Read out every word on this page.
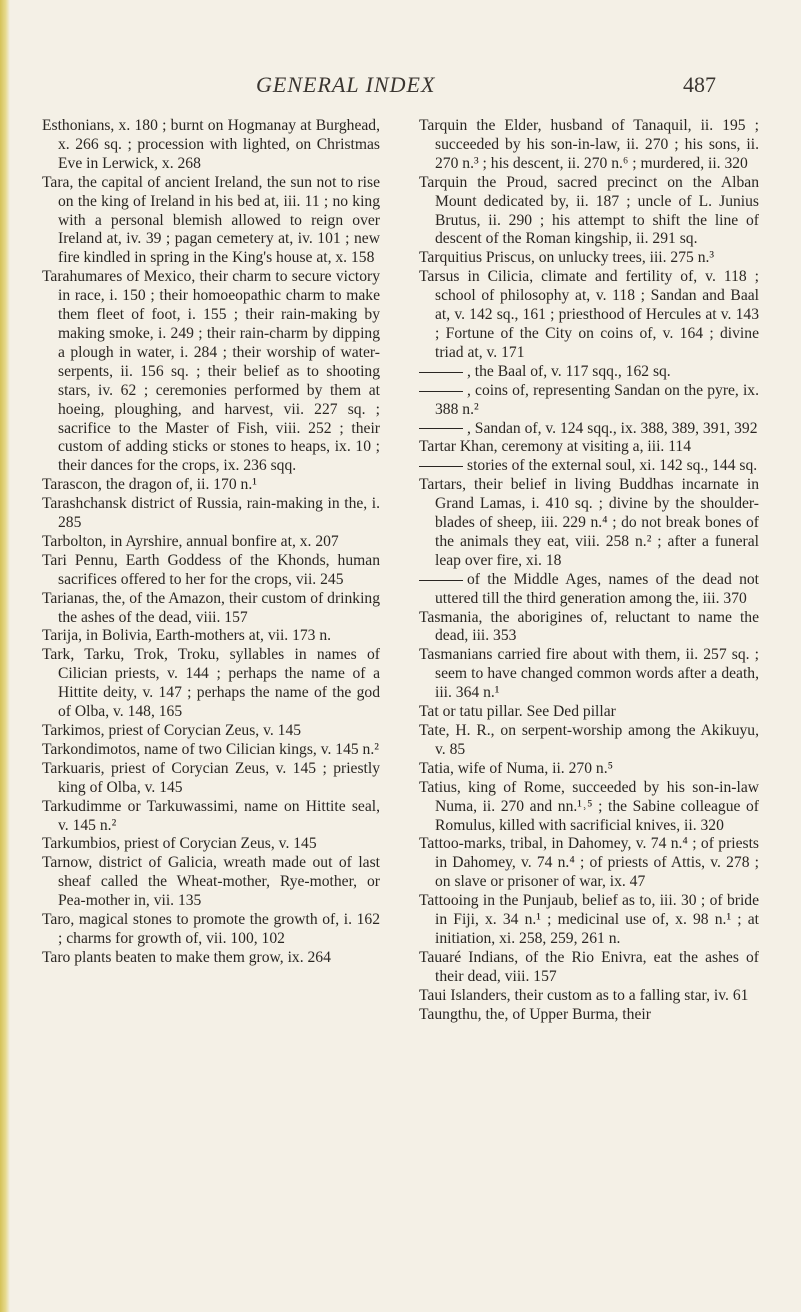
GENERAL INDEX	487

Esthonians, x. 180 ; burnt on Hogmanay at Burghead, x. 266 sq. ; procession with lighted, on Christmas Eve in Lerwick, x. 268

Tara, the capital of ancient Ireland, the sun not to rise on the king of Ireland in his bed at, iii. 11 ; no king with a personal blemish allowed to reign over Ireland at, iv. 39 ; pagan cemetery at, iv. 101 ; new fire kindled in spring in the King's house at, x. 158

Tarahumares of Mexico, their charm to secure victory in race, i. 150 ; their homoeopathic charm to make them fleet of foot, i. 155 ; their rain-making by making smoke, i. 249 ; their rain-charm by dipping a plough in water, i. 284 ; their worship of water-serpents, ii. 156 sq. ; their belief as to shooting stars, iv. 62 ; ceremonies performed by them at hoeing, ploughing, and harvest, vii. 227 sq. ; sacrifice to the Master of Fish, viii. 252 ; their custom of adding sticks or stones to heaps, ix. 10 ; their dances for the crops, ix. 236 sqq.

Tarascon, the dragon of, ii. 170 n.¹

Tarashchansk district of Russia, rain-making in the, i. 285

Tarbolton, in Ayrshire, annual bonfire at, x. 207

Tari Pennu, Earth Goddess of the Khonds, human sacrifices offered to her for the crops, vii. 245

Tarianas, the, of the Amazon, their custom of drinking the ashes of the dead, viii. 157

Tarija, in Bolivia, Earth-mothers at, vii. 173 n.

Tark, Tarku, Trok, Troku, syllables in names of Cilician priests, v. 144 ; perhaps the name of a Hittite deity, v. 147 ; perhaps the name of the god of Olba, v. 148, 165

Tarkimos, priest of Corycian Zeus, v. 145

Tarkondimotos, name of two Cilician kings, v. 145 n.²

Tarkuaris, priest of Corycian Zeus, v. 145 ; priestly king of Olba, v. 145

Tarkudimme or Tarkuwassimi, name on Hittite seal, v. 145 n.²

Tarkumbios, priest of Corycian Zeus, v. 145

Tarnow, district of Galicia, wreath made out of last sheaf called the Wheat-mother, Rye-mother, or Pea-mother in, vii. 135

Taro, magical stones to promote the growth of, i. 162 ; charms for growth of, vii. 100, 102

Taro plants beaten to make them grow, ix. 264

Tarquin the Elder, husband of Tanaquil, ii. 195 ; succeeded by his son-in-law, ii. 270 ; his sons, ii. 270 n.³ ; his descent, ii. 270 n.⁶ ; murdered, ii. 320

Tarquin the Proud, sacred precinct on the Alban Mount dedicated by, ii. 187 ; uncle of L. Junius Brutus, ii. 290 ; his attempt to shift the line of descent of the Roman kingship, ii. 291 sq.

Tarquitius Priscus, on unlucky trees, iii. 275 n.³

Tarsus in Cilicia, climate and fertility of, v. 118 ; school of philosophy at, v. 118 ; Sandan and Baal at, v. 142 sq., 161 ; priesthood of Hercules at v. 143 ; Fortune of the City on coins of, v. 164 ; divine triad at, v. 171

, the Baal of, v. 117 sqq., 162 sq.

, coins of, representing Sandan on the pyre, ix. 388 n.²

, Sandan of, v. 124 sqq., ix. 388, 389, 391, 392

Tartar Khan, ceremony at visiting a, iii. 114

stories of the external soul, xi. 142 sq., 144 sq.

Tartars, their belief in living Buddhas incarnate in Grand Lamas, i. 410 sq. ; divine by the shoulder-blades of sheep, iii. 229 n.⁴ ; do not break bones of the animals they eat, viii. 258 n.² ; after a funeral leap over fire, xi. 18

of the Middle Ages, names of the dead not uttered till the third generation among the, iii. 370

Tasmania, the aborigines of, reluctant to name the dead, iii. 353

Tasmanians carried fire about with them, ii. 257 sq. ; seem to have changed common words after a death, iii. 364 n.¹

Tat or tatu pillar. See Ded pillar

Tate, H. R., on serpent-worship among the Akikuyu, v. 85

Tatia, wife of Numa, ii. 270 n.⁵

Tatius, king of Rome, succeeded by his son-in-law Numa, ii. 270 and nn.¹˒⁵ ; the Sabine colleague of Romulus, killed with sacrificial knives, ii. 320

Tattoo-marks, tribal, in Dahomey, v. 74 n.⁴ ; of priests in Dahomey, v. 74 n.⁴ ; of priests of Attis, v. 278 ; on slave or prisoner of war, ix. 47

Tattooing in the Punjaub, belief as to, iii. 30 ; of bride in Fiji, x. 34 n.¹ ; medicinal use of, x. 98 n.¹ ; at initiation, xi. 258, 259, 261 n.

Tauaré Indians, of the Rio Enivra, eat the ashes of their dead, viii. 157

Taui Islanders, their custom as to a falling star, iv. 61

Taungthu, the, of Upper Burma, their
